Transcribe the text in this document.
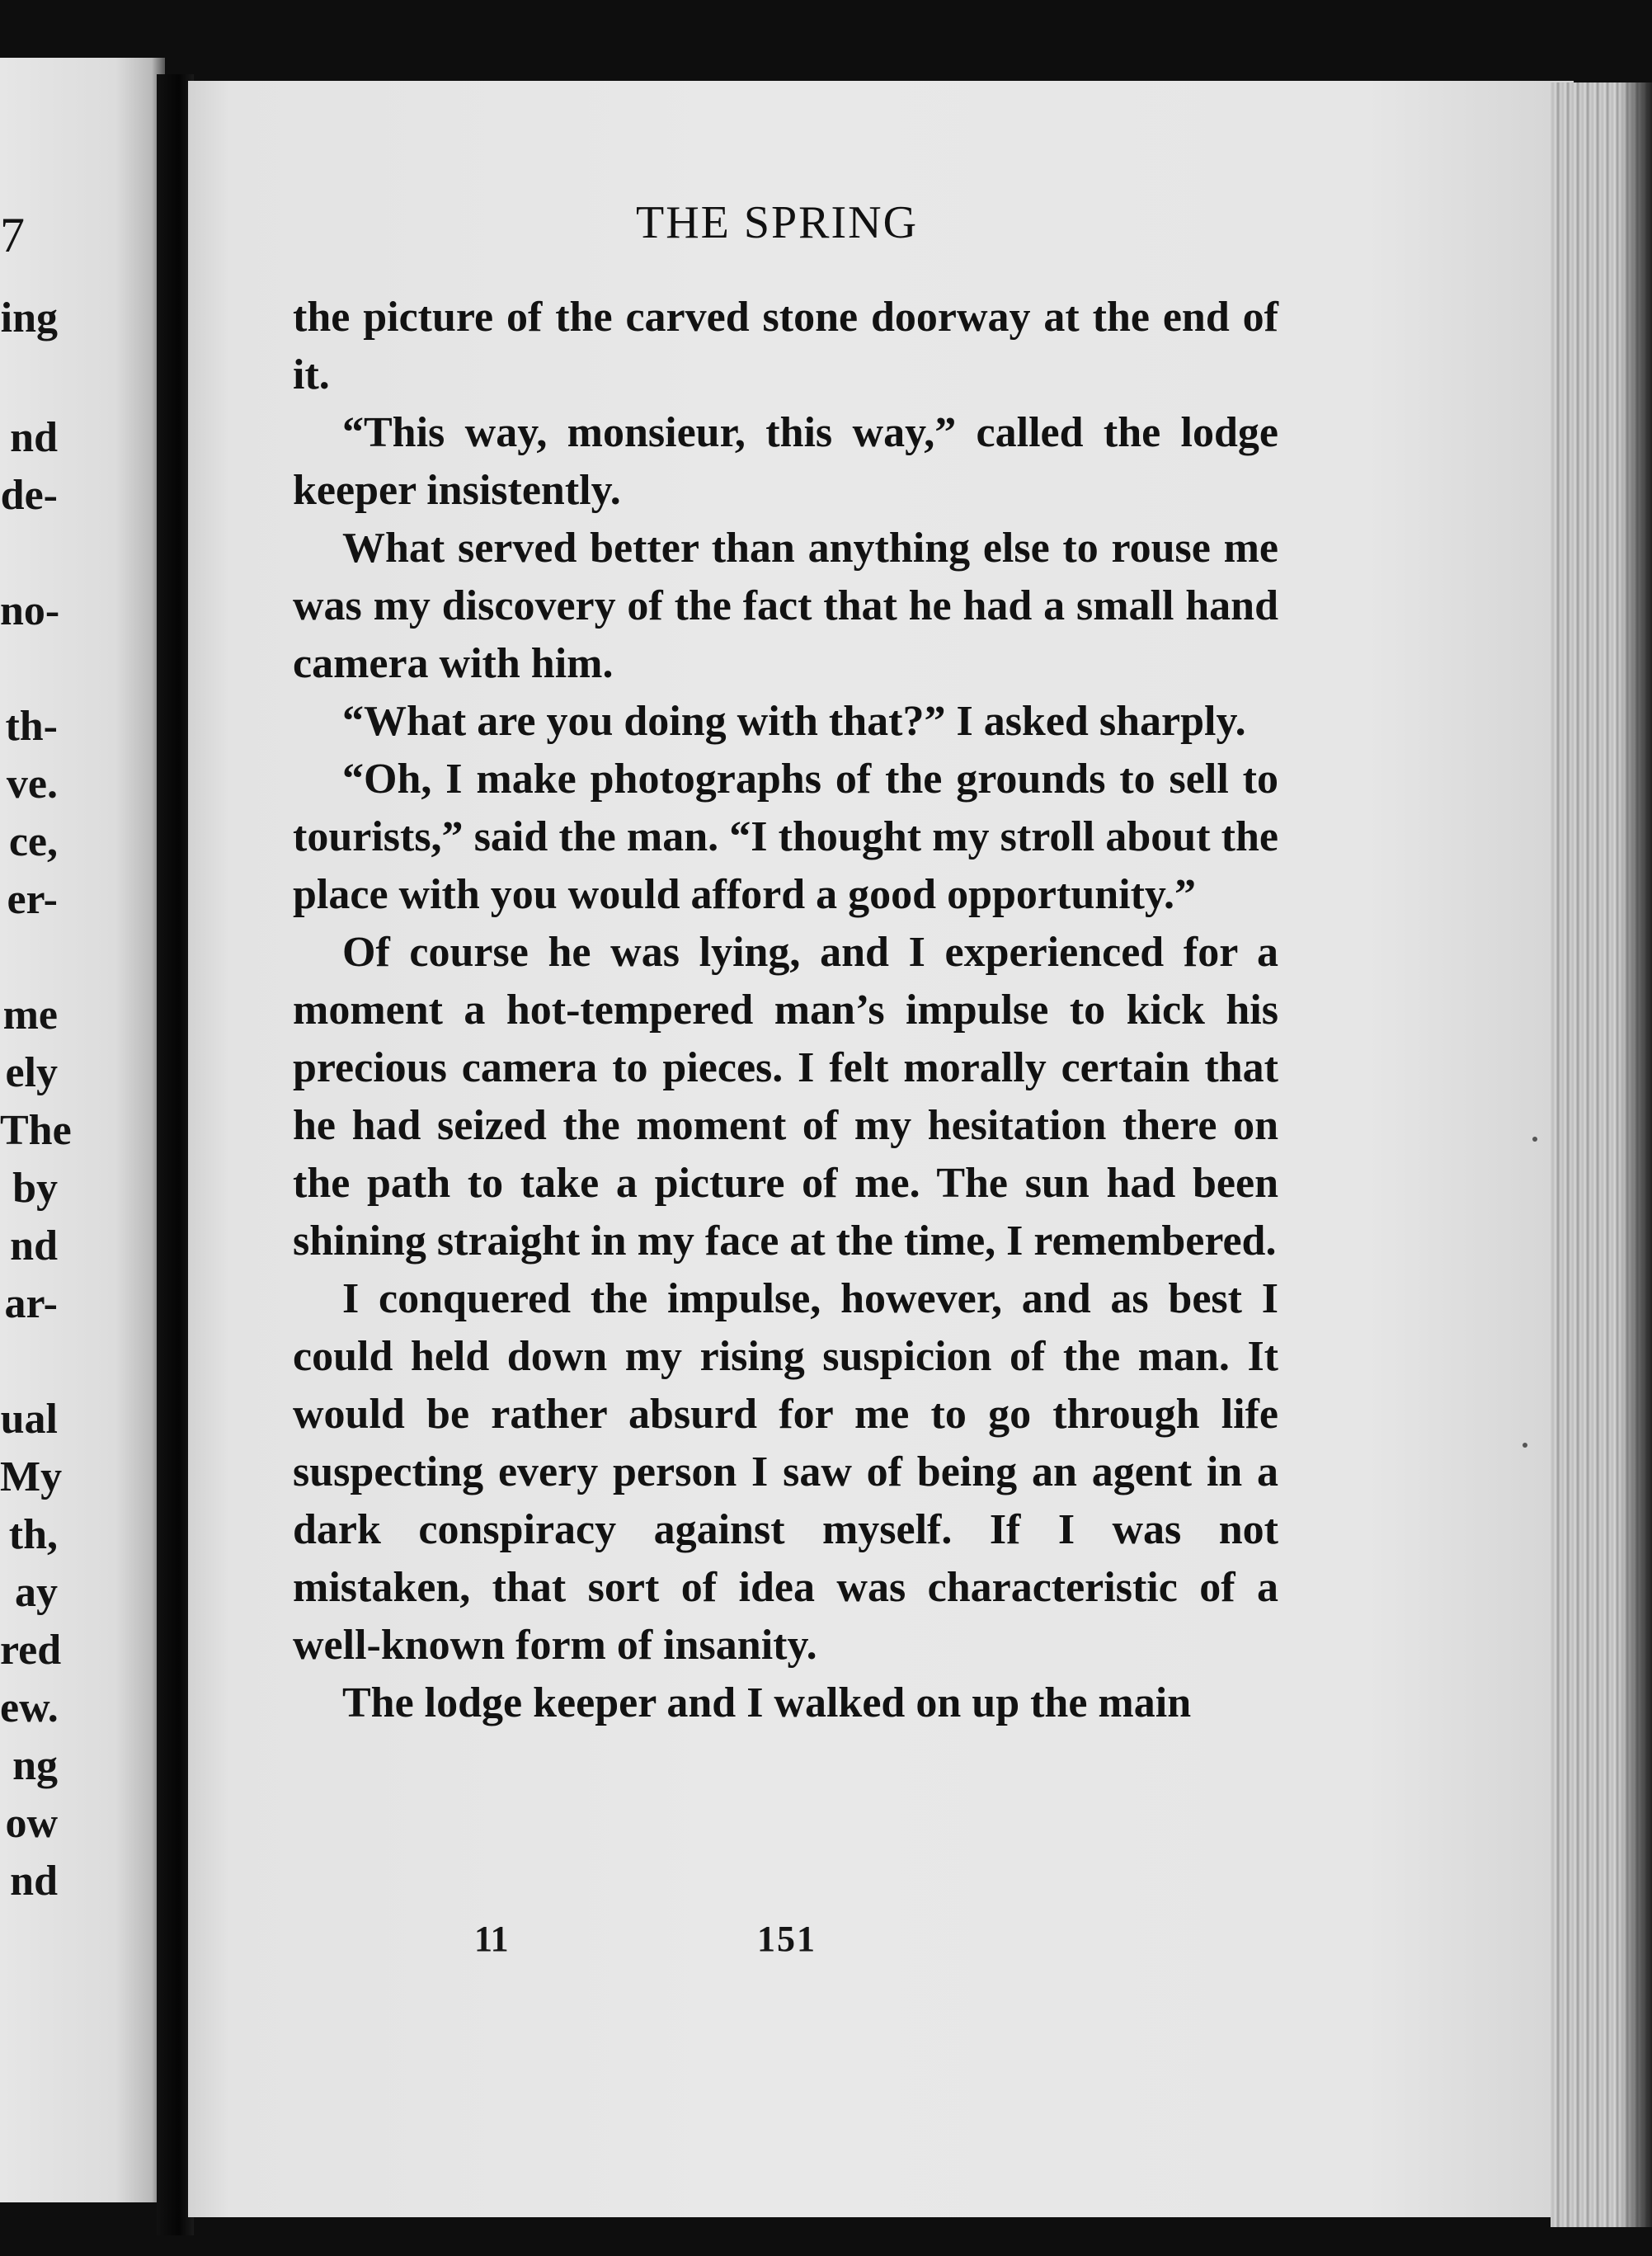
7
ing
nd
de-
no-
th-
ve.
ce,
er-
me
ely
The
by
nd
ar-
ual
My
th,
ay
red
ew.
ng
ow
nd
THE SPRING

the picture of the carved stone doorway at the end of it.

“This way, monsieur, this way,” called the lodge keeper insistently.

What served better than anything else to rouse me was my discovery of the fact that he had a small hand camera with him.

“What are you doing with that?” I asked sharply.

“Oh, I make photographs of the grounds to sell to tourists,” said the man. “I thought my stroll about the place with you would afford a good opportunity.”

Of course he was lying, and I experienced for a moment a hot-tempered man’s impulse to kick his precious camera to pieces. I felt morally certain that he had seized the moment of my hesitation there on the path to take a picture of me. The sun had been shining straight in my face at the time, I remembered.

I conquered the impulse, however, and as best I could held down my rising suspicion of the man. It would be rather absurd for me to go through life suspecting every person I saw of being an agent in a dark conspiracy against myself. If I was not mistaken, that sort of idea was characteristic of a well-known form of insanity.

The lodge keeper and I walked on up the main

11	151
